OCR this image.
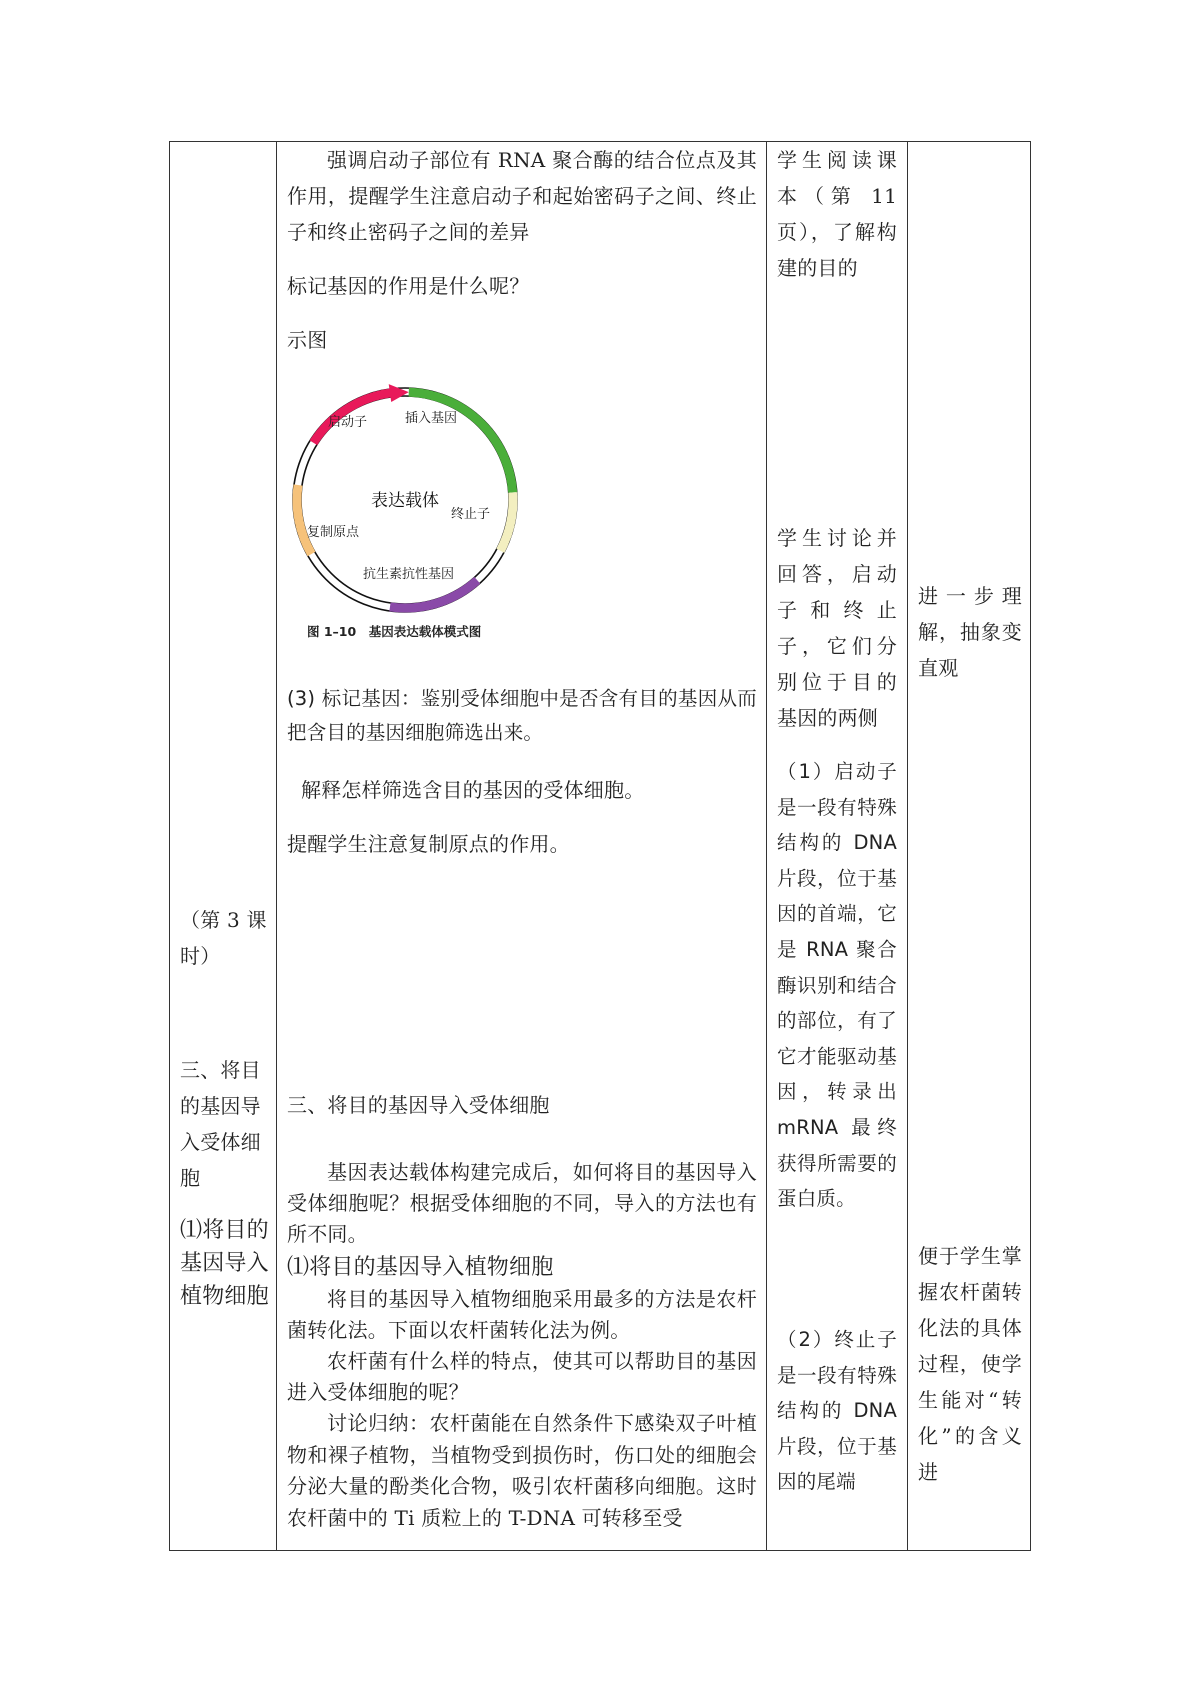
（第 3 课时）
三、将目的基因导入受体细胞
⑴将目的基因导入植物细胞
强调启动子部位有 RNA 聚合酶的结合位点及其作用，提醒学生注意启动子和起始密码子之间、终止子和终止密码子之间的差异
标记基因的作用是什么呢？
示图
表达载体
启动子	插入基因
终止子
复制原点
抗生素抗性基因
图 1–10　基因表达载体模式图
(3) 标记基因：鉴别受体细胞中是否含有目的基因从而把含目的基因细胞筛选出来。
解释怎样筛选含目的基因的受体细胞。
提醒学生注意复制原点的作用。
三、将目的基因导入受体细胞
基因表达载体构建完成后，如何将目的基因导入受体细胞呢？根据受体细胞的不同，导入的方法也有所不同。
⑴将目的基因导入植物细胞
将目的基因导入植物细胞采用最多的方法是农杆菌转化法。下面以农杆菌转化法为例。
农杆菌有什么样的特点，使其可以帮助目的基因进入受体细胞的呢？
讨论归纳：农杆菌能在自然条件下感染双子叶植物和裸子植物，当植物受到损伤时，伤口处的细胞会分泌大量的酚类化合物，吸引农杆菌移向细胞。这时农杆菌中的 Ti 质粒上的 T-DNA 可转移至受
学生阅读课本（第 11 页），了解构建的目的
学生讨论并回答，启动子和终止子，它们分别位于目的基因的两侧
（1）启动子是一段有特殊结构的 DNA 片段，位于基因的首端，它是 RNA 聚合酶识别和结合的部位，有了它才能驱动基因，转录出 mRNA 最终获得所需要的蛋白质。
（2）终止子是一段有特殊结构的 DNA 片段，位于基因的尾端
进一步理解，抽象变直观
便于学生掌握农杆菌转化法的具体过程，使学生能对“转化”的含义进
